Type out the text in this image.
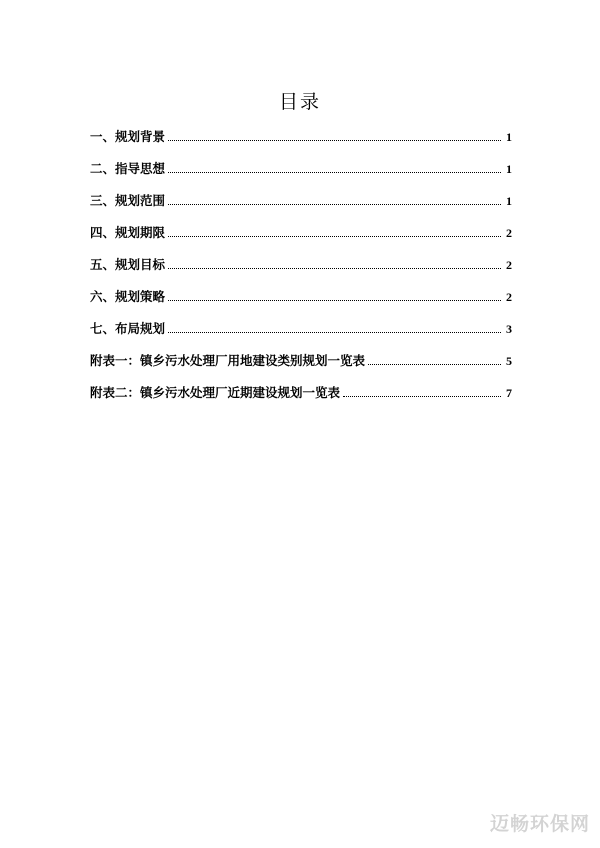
目录
一、规划背景	1
二、指导思想	1
三、规划范围	1
四、规划期限	2
五、规划目标	2
六、规划策略	2
七、布局规划	3
附表一：镇乡污水处理厂用地建设类别规划一览表	5
附表二：镇乡污水处理厂近期建设规划一览表	7
迈畅环保网
